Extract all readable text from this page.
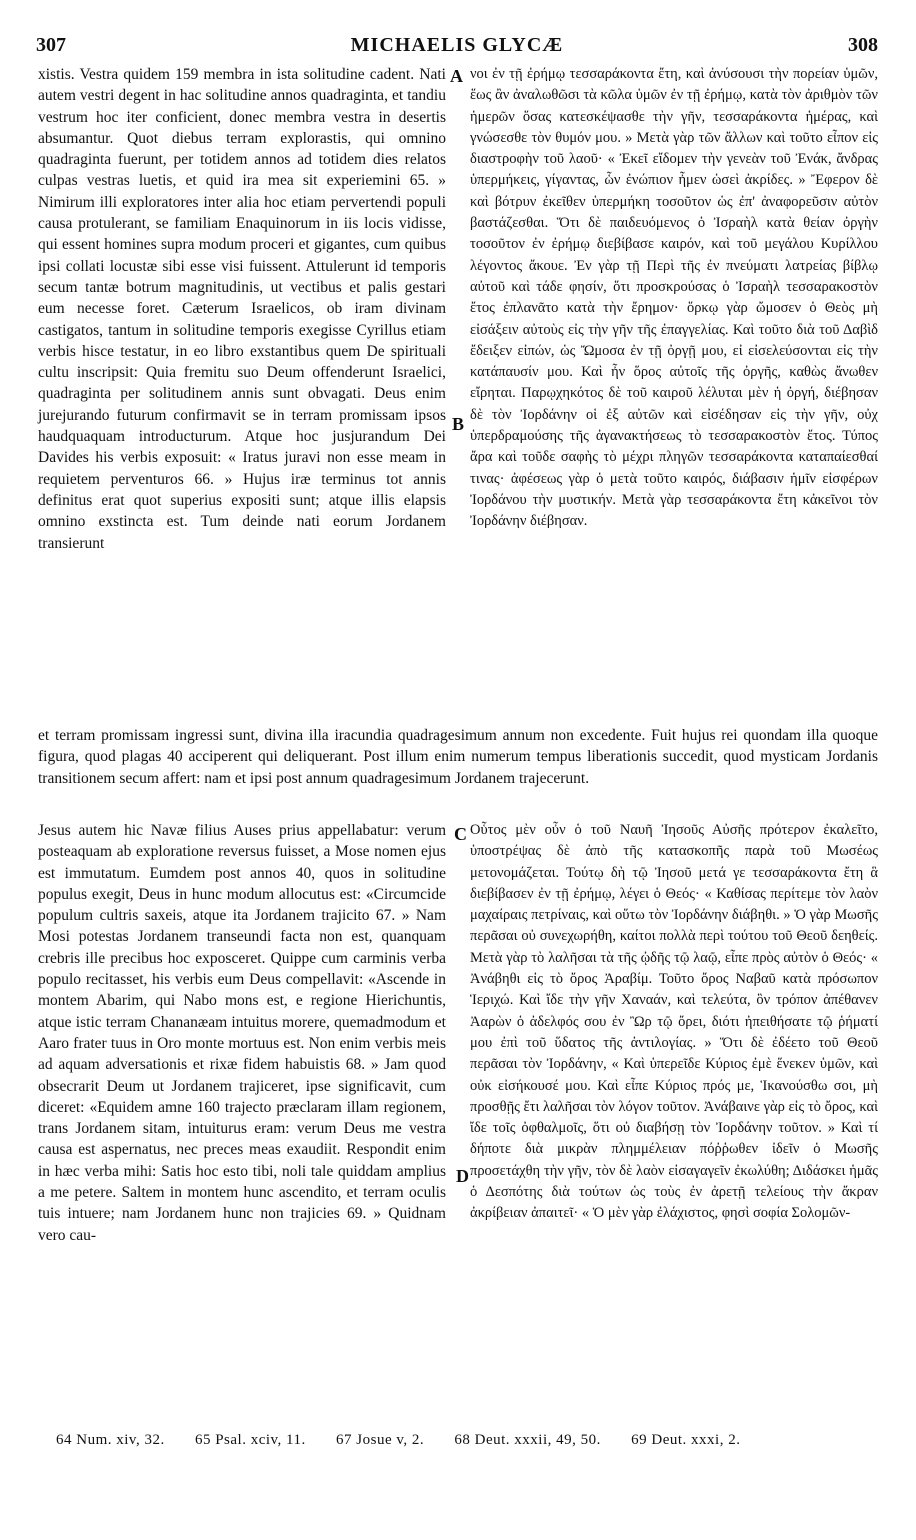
MICHAELIS GLYCÆ
307	308
xistis. Vestra quidem 159 membra in ista solitudine cadent. Nati autem vestri degent in hac solitudine annos quadraginta, et tandiu vestrum hoc iter conficient, donec membra vestra in desertis absumantur. Quot diebus terram explorastis, qui omnino quadraginta fuerunt, per totidem annos ad totidem dies relatos culpas vestras luetis, et quid ira mea sit experiemini 65. » Nimirum illi exploratores inter alia hoc etiam pervertendi populi causa protulerant, se familiam Enaquinorum in iis locis vidisse, qui essent homines supra modum proceri et gigantes, cum quibus ipsi collati locustæ sibi esse visi fuissent. Attulerunt id temporis secum tantæ botrum magnitudinis, ut vectibus et palis gestari eum necesse foret. Cæterum Israelicos, ob iram divinam castigatos, tantum in solitudine temporis exegisse Cyrillus etiam verbis hisce testatur, in eo libro exstantibus quem De spirituali cultu inscripsit: Quia fremitu suo Deum offenderunt Israelici, quadraginta per solitudinem annis sunt obvagati. Deus enim jurejurando futurum confirmavit se in terram promissam ipsos haudquaquam introducturum. Atque hoc jusjurandum Dei Davides his verbis exposuit: « Iratus juravi non esse meam in requietem perventuros 66. » Hujus iræ terminus tot annis definitus erat quot superius expositi sunt; atque illis elapsis omnino exstincta est. Tum deinde nati eorum Jordanem transierunt
νοι ἐν τῇ ἐρήμῳ τεσσαράκοντα ἔτη, καὶ ἀνύσουσι τὴν πορείαν ὑμῶν, ἕως ἂν ἀναλωθῶσι τὰ κῶλα ὑμῶν ἐν τῇ ἐρήμῳ, κατὰ τὸν ἀριθμὸν τῶν ἡμερῶν ὅσας κατεσκέψασθε τὴν γῆν, τεσσαράκοντα ἡμέρας, καὶ γνώσεσθε τὸν θυμόν μου. » Μετὰ γὰρ τῶν ἄλλων καὶ τοῦτο εἶπον εἰς διαστροφὴν τοῦ λαοῦ· « Ἐκεῖ εἴδομεν τὴν γενεὰν τοῦ Ἐνάκ, ἄνδρας ὑπερμήκεις, γίγαντας, ὧν ἐνώπιον ἦμεν ὡσεὶ ἀκρίδες. » Ἔφερον δὲ καὶ βότρυν ἐκεῖθεν ὑπερμήκη τοσοῦτον ὡς ἐπ' ἀναφορεῦσιν αὐτὸν βαστάζεσθαι. Ὅτι δὲ παιδευόμενος ὁ Ἰσραὴλ κατὰ θείαν ὀργὴν τοσοῦτον ἐν ἐρήμῳ διεβίβασε καιρόν, καὶ τοῦ μεγάλου Κυρίλλου λέγοντος ἄκουε. Ἐν γὰρ τῇ Περὶ τῆς ἐν πνεύματι λατρείας βίβλῳ αὐτοῦ καὶ τάδε φησίν, ὅτι προσκρούσας ὁ Ἰσραὴλ τεσσαρακοστὸν ἔτος ἐπλανᾶτο κατὰ τὴν ἔρημον· ὅρκῳ γὰρ ὤμοσεν ὁ Θεὸς μὴ εἰσάξειν αὐτοὺς εἰς τὴν γῆν τῆς ἐπαγγελίας. Καὶ τοῦτο διὰ τοῦ Δαβὶδ ἔδειξεν εἰπών, ὡς Ὤμοσα ἐν τῇ ὀργῇ μου, εἰ εἰσελεύσονται εἰς τὴν κατάπαυσίν μου. Καὶ ἦν ὅρος αὐτοῖς τῆς ὀργῆς, καθὼς ἄνωθεν εἴρηται. Παρῳχηκότος δὲ τοῦ καιροῦ λέλυται μὲν ἡ ὀργή, διέβησαν δὲ τὸν Ἰορδάνην οἱ ἐξ αὐτῶν καὶ εἰσέδησαν εἰς τὴν γῆν, οὐχ ὑπερδραμούσης τῆς ἀγανακτήσεως τὸ τεσσαρακοστὸν ἔτος. Τύπος ἄρα καὶ τοῦδε σαφὴς τὸ μέχρι πληγῶν τεσσαράκοντα καταπαίεσθαί τινας· ἀφέσεως γὰρ ὁ μετὰ τοῦτο καιρός, διάβασιν ἡμῖν εἰσφέρων Ἰορδάνου τὴν μυστικήν. Μετὰ γὰρ τεσσαράκοντα ἔτη κἀκεῖνοι τὸν Ἰορδάνην διέβησαν.
et terram promissam ingressi sunt, divina illa iracundia quadragesimum annum non excedente. Fuit hujus rei quondam illa quoque figura, quod plagas 40 acciperent qui deliquerant. Post illum enim numerum tempus liberationis succedit, quod mysticam Jordanis transitionem secum affert: nam et ipsi post annum quadragesimum Jordanem trajecerunt.
Jesus autem hic Navæ filius Auses prius appellabatur: verum posteaquam ab exploratione reversus fuisset, a Mose nomen ejus est immutatum. Eumdem post annos 40, quos in solitudine populus exegit, Deus in hunc modum allocutus est: «Circumcide populum cultris saxeis, atque ita Jordanem trajicito 67. » Nam Mosi potestas Jordanem transeundi facta non est, quanquam crebris ille precibus hoc exposceret. Quippe cum carminis verba populo recitasset, his verbis eum Deus compellavit: «Ascende in montem Abarim, qui Nabo mons est, e regione Hierichuntis, atque istic terram Chananæam intuitus morere, quemadmodum et Aaro frater tuus in Oro monte mortuus est. Non enim verbis meis ad aquam adversationis et rixæ fidem habuistis 68. » Jam quod obsecrarit Deum ut Jordanem trajiceret, ipse significavit, cum diceret: «Equidem amne 160 trajecto præclaram illam regionem, trans Jordanem sitam, intuiturus eram: verum Deus me vestra causa est aspernatus, nec preces meas exaudiit. Respondit enim in hæc verba mihi: Satis hoc esto tibi, noli tale quiddam amplius a me petere. Saltem in montem hunc ascendito, et terram oculis tuis intuere; nam Jordanem hunc non trajicies 69. » Quidnam vero cau-
Οὗτος μὲν οὖν ὁ τοῦ Ναυῆ Ἰησοῦς Αὐσῆς πρότερον ἐκαλεῖτο, ὑποστρέψας δὲ ἀπὸ τῆς κατασκοπῆς παρὰ τοῦ Μωσέως μετονομάζεται. Τούτῳ δὴ τῷ Ἰησοῦ μετά γε τεσσαράκοντα ἔτη ἃ διεβίβασεν ἐν τῇ ἐρήμῳ, λέγει ὁ Θεός· « Καθίσας περίτεμε τὸν λαὸν μαχαίραις πετρίναις, καὶ οὕτω τὸν Ἰορδάνην διάβηθι. » Ὁ γὰρ Μωσῆς περᾶσαι οὐ συνεχωρήθη, καίτοι πολλὰ περὶ τούτου τοῦ Θεοῦ δεηθείς. Μετὰ γὰρ τὸ λαλῆσαι τὰ τῆς ᾠδῆς τῷ λαῷ, εἶπε πρὸς αὐτὸν ὁ Θεός· « Ἀνάβηθι εἰς τὸ ὄρος Ἀραβίμ. Τοῦτο ὄρος Ναβαῦ κατὰ πρόσωπον Ἱεριχώ. Καὶ ἴδε τὴν γῆν Χαναάν, καὶ τελεύτα, ὃν τρόπον ἀπέθανεν Ἀαρὼν ὁ ἀδελφός σου ἐν Ὢρ τῷ ὄρει, διότι ἠπειθήσατε τῷ ῥήματί μου ἐπὶ τοῦ ὕδατος τῆς ἀντιλογίας. » Ὅτι δὲ ἐδέετο τοῦ Θεοῦ περᾶσαι τὸν Ἰορδάνην, « Καὶ ὑπερεῖδε Κύριος ἐμὲ ἕνεκεν ὑμῶν, καὶ οὐκ εἰσήκουσέ μου. Καὶ εἶπε Κύριος πρός με, Ἱκανούσθω σοι, μὴ προσθῇς ἔτι λαλῆσαι τὸν λόγον τοῦτον. Ἀνάβαινε γὰρ εἰς τὸ ὄρος, καὶ ἴδε τοῖς ὀφθαλμοῖς, ὅτι οὐ διαβήσῃ τὸν Ἰορδάνην τοῦτον. » Καὶ τί δήποτε διὰ μικρὰν πλημμέλειαν πόῤῥωθεν ἰδεῖν ὁ Μωσῆς προσετάχθη τὴν γῆν, τὸν δὲ λαὸν εἰσαγαγεῖν ἐκωλύθη; Διδάσκει ἡμᾶς ὁ Δεσπότης διὰ τούτων ὡς τοὺς ἐν ἀρετῇ τελείους τὴν ἄκραν ἀκρίβειαν ἀπαιτεῖ· « Ὁ μὲν γὰρ ἐλάχιστος, φησὶ σοφία Σολομῶν-
A
B
C
D
64 Num. xiv, 32. 65 Psal. xciv, 11. 67 Josue v, 2. 68 Deut. xxxii, 49, 50. 69 Deut. xxxi, 2.
